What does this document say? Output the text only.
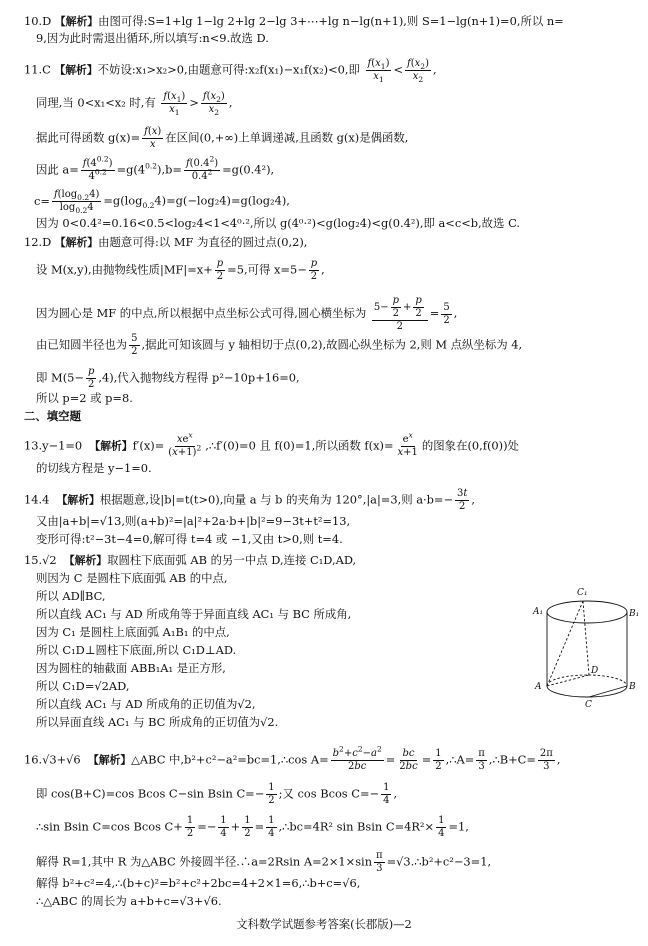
10.D 【解析】由图可得:S=1+lg 1−lg 2+lg 2−lg 3+⋯+lg n−lg(n+1),则 S=1−lg(n+1)=0,所以 n=
9,因为此时需退出循环,所以填写:n<9.故选 D.
11.C 【解析】不妨设:x₁>x₂>0,由题意可得:x₂f(x₁)−x₁f(x₂)<0,即 $\frac{f(x_1)}{x_1} < \frac{f(x_2)}{x_2}$ ,
同理,当 0<x₁<x₂ 时,有 $\frac{f(x_1)}{x_1} > \frac{f(x_2)}{x_2}$ ,
据此可得函数 $g(x)= \frac{f(x)}{x}$ 在区间(0,+∞)上单调递减,且函数 g(x)是偶函数,
因此 $a= \frac{f(4^{0.2})}{4^{0.2}} =g(4^{0.2}),b= \frac{f(0.4^2)}{0.4^2} =g(0.4^2)$,
$c= \frac{f(\log_{0.2}4)}{\log_{0.2}4} =g(\log_{0.2}4)=g(-\log_24)=g(\log_24)$,
因为 0<0.4²=0.16<0.5<log₂4<1<4⁰·²,所以 g(4⁰·²)<g(log₂4)<g(0.4²),即 a<c<b,故选 C.
12.D 【解析】由题意可得:以 MF 为直径的圆过点(0,2),
设 M(x,y),由抛物线性质$|MF|=x+ \frac{p}{2} =5$,可得 $x=5- \frac{p}{2}$ ,
因为圆心是 MF 的中点,所以根据中点坐标公式可得,圆心横坐标为 $\frac{5- \frac{p}{2} + \frac{p}{2}}{2} = \frac{5}{2}$ ,
由已知圆半径也为 $\frac{5}{2}$ ,据此可知该圆与 y 轴相切于点(0,2),故圆心纵坐标为 2,则 M 点纵坐标为 4,
即 $M(5- \frac{p}{2} ,4)$,代入抛物线方程得 p²−10p+16=0,
所以 p=2 或 p=8.
二、填空题
13.y−1=0 【解析】$f'(x)= \frac{xe^x}{(x+1)^2}$ ,∴f′(0)=0 且 f(0)=1,所以函数 $f(x)= \frac{e^x}{x+1}$ 的图象在(0,f(0))处
的切线方程是 y−1=0.
14.4 【解析】根据题意,设|b|=t(t>0),向量 a 与 b 的夹角为 120°,|a|=3,则 $a\cdot b=- \frac{3t}{2}$ ,
又由|a+b|=√13,则(a+b)²=|a|²+2a·b+|b|²=9−3t+t²=13,
变形可得:t²−3t−4=0,解可得 t=4 或 −1,又由 t>0,则 t=4.
15.√2 【解析】取圆柱下底面弧 AB 的另一中点 D,连接 C₁D,AD,
则因为 C 是圆柱下底面弧 AB 的中点,
所以 AD∥BC,
所以直线 AC₁ 与 AD 所成角等于异面直线 AC₁ 与 BC 所成角,
因为 C₁ 是圆柱上底面弧 A₁B₁ 的中点,
所以 C₁D⊥圆柱下底面,所以 C₁D⊥AD.
因为圆柱的轴截面 ABB₁A₁ 是正方形,
所以 C₁D=√2AD,
所以直线 AC₁ 与 AD 所成角的正切值为√2,
所以异面直线 AC₁ 与 BC 所成角的正切值为√2.
C₁
B₁
A₁
D
A	B
C
16.√3+√6 【解析】△ABC 中,b²+c²−a²=bc=1,∴cos $A= \frac{b^2+c^2-a^2}{2bc} = \frac{bc}{2bc} = \frac{1}{2}$ ,∴A= $\frac{\pi}{3}$ ,∴B+C= $\frac{2\pi}{3}$ ,
即 cos(B+C)=cos Bcos C−sin Bsin $C=- \frac{1}{2}$ ;又 cos Bcos $C=- \frac{1}{4}$ ,
∴sin Bsin C=cos Bcos $C+ \frac{1}{2} =- \frac{1}{4} + \frac{1}{2} = \frac{1}{4}$ ,∴bc=4R² sin Bsin $C=4R^2\times \frac{1}{4} =1$,
解得 R=1,其中 R 为△ABC 外接圆半径.∴a=2Rsin $A=2\times 1\times\sin \frac{\pi}{3}$ =√3.∴b²+c²−3=1,
解得 b²+c²=4,∴(b+c)²=b²+c²+2bc=4+2×1=6,∴b+c=√6,
∴△ABC 的周长为 a+b+c=√3+√6.
文科数学试题参考答案(长郡版)—2
